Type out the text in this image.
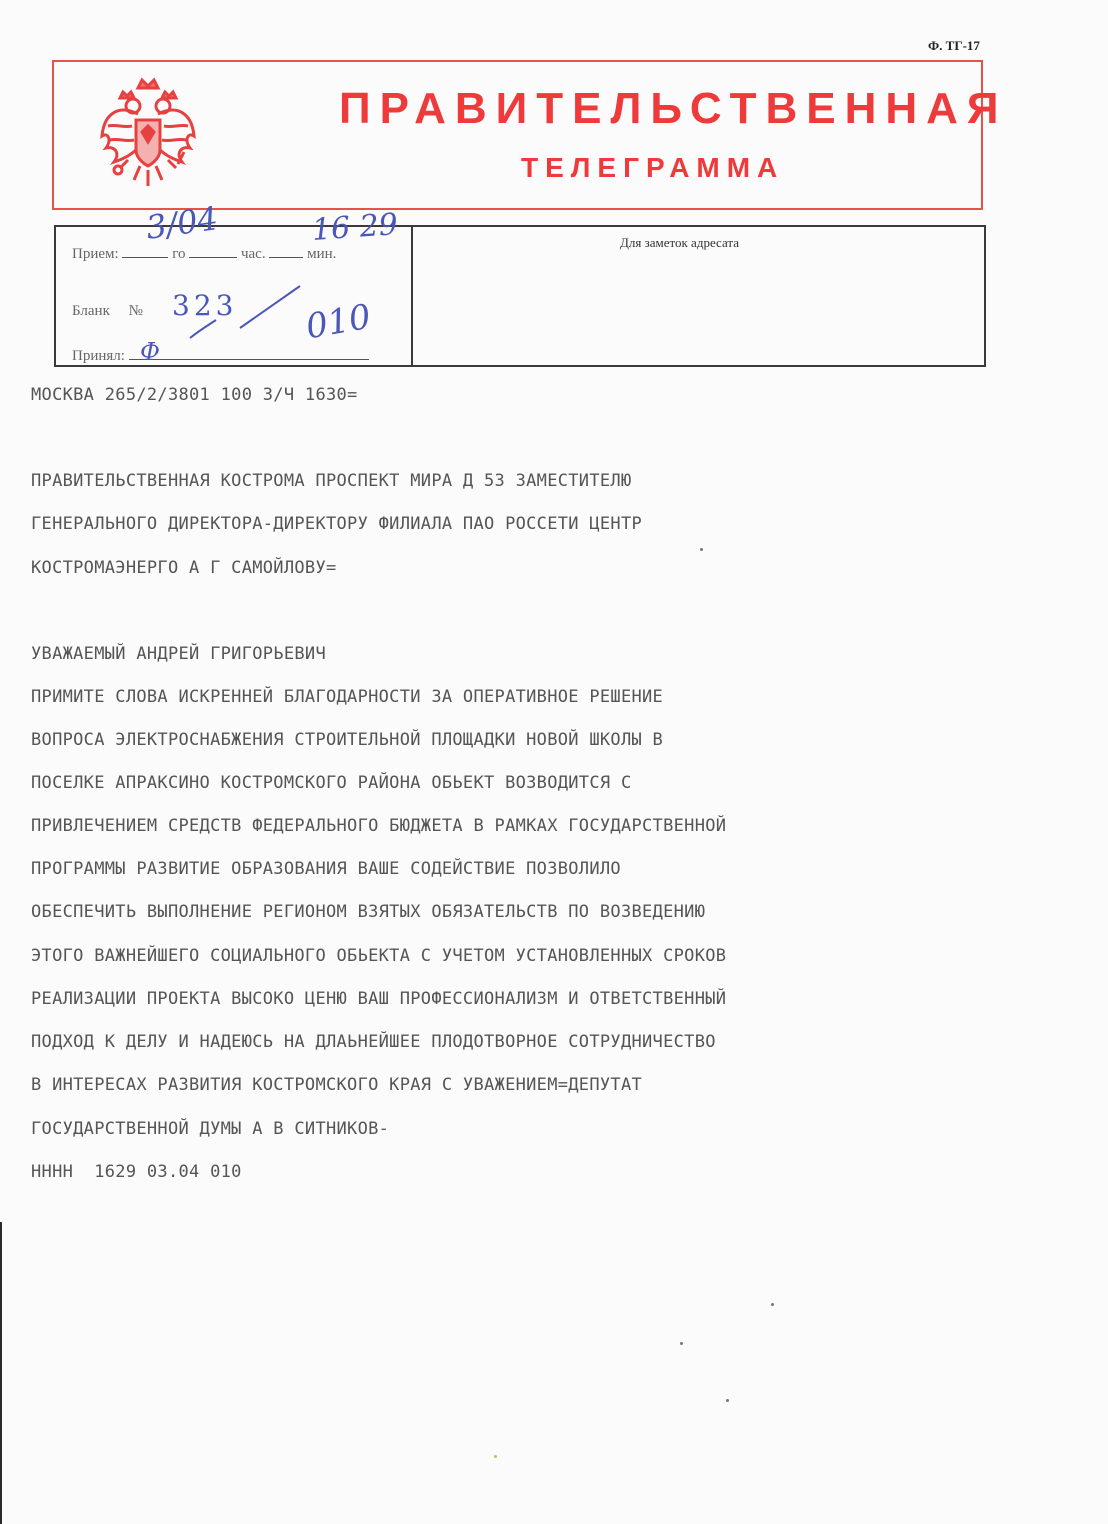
Ф. ТГ-17
ПРАВИТЕЛЬСТВЕННАЯ
ТЕЛЕГРАММА
Прием:	го	час.	мин.
Бланк №
Принял:
Для заметок адресата
3/04	16 29
323 010
Ф
МОСКВА 265/2/3801 100 3/Ч 1630=
ПРАВИТЕЛЬСТВЕННАЯ КОСТРОМА ПРОСПЕКТ МИРА Д 53 ЗАМЕСТИТЕЛЮ
ГЕНЕРАЛЬНОГО ДИРЕКТОРА-ДИРЕКТОРУ ФИЛИАЛА ПАО РОССЕТИ ЦЕНТР
КОСТРОМАЭНЕРГО А Г САМОЙЛОВУ=
УВАЖАЕМЫЙ АНДРЕЙ ГРИГОРЬЕВИЧ
ПРИМИТЕ СЛОВА ИСКРЕННЕЙ БЛАГОДАРНОСТИ ЗА ОПЕРАТИВНОЕ РЕШЕНИЕ
ВОПРОСА ЭЛЕКТРОСНАБЖЕНИЯ СТРОИТЕЛЬНОЙ ПЛОЩАДКИ НОВОЙ ШКОЛЫ В
ПОСЕЛКЕ АПРАКСИНО КОСТРОМСКОГО РАЙОНА ОБЬЕКТ ВОЗВОДИТСЯ С
ПРИВЛЕЧЕНИЕМ СРЕДСТВ ФЕДЕРАЛЬНОГО БЮДЖЕТА В РАМКАХ ГОСУДАРСТВЕННОЙ
ПРОГРАММЫ РАЗВИТИЕ ОБРАЗОВАНИЯ ВАШЕ СОДЕЙСТВИЕ ПОЗВОЛИЛО
ОБЕСПЕЧИТЬ ВЫПОЛНЕНИЕ РЕГИОНОМ ВЗЯТЫХ ОБЯЗАТЕЛЬСТВ ПО ВОЗВЕДЕНИЮ
ЭТОГО ВАЖНЕЙШЕГО СОЦИАЛЬНОГО ОБЬЕКТА С УЧЕТОМ УСТАНОВЛЕННЫХ СРОКОВ
РЕАЛИЗАЦИИ ПРОЕКТА ВЫСОКО ЦЕНЮ ВАШ ПРОФЕССИОНАЛИЗМ И ОТВЕТСТВЕННЫЙ
ПОДХОД К ДЕЛУ И НАДЕЮСЬ НА ДЛАЬНЕЙШЕЕ ПЛОДОТВОРНОЕ СОТРУДНИЧЕСТВО
В ИНТЕРЕСАХ РАЗВИТИЯ КОСТРОМСКОГО КРАЯ С УВАЖЕНИЕМ=ДЕПУТАТ
ГОСУДАРСТВЕННОЙ ДУМЫ А В СИТНИКОВ-
НННН  1629 03.04 010
